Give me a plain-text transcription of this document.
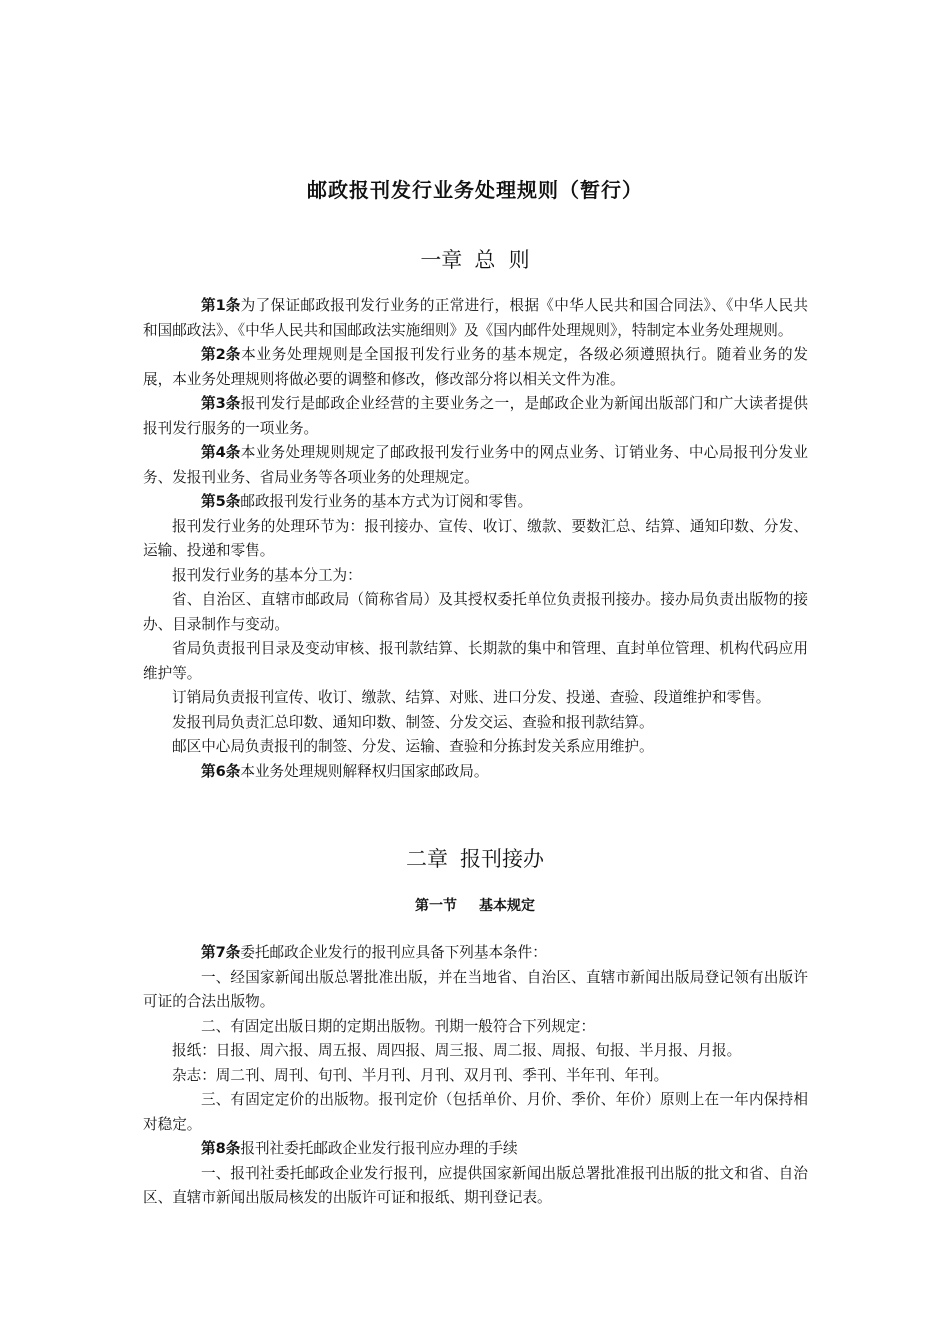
邮政报刊发行业务处理规则（暂行）
一章 总  则

第1条为了保证邮政报刊发行业务的正常进行，根据《中华人民共和国合同法》、《中华人民共和国邮政法》、《中华人民共和国邮政法实施细则》及《国内邮件处理规则》，特制定本业务处理规则。

第2条本业务处理规则是全国报刊发行业务的基本规定，各级必须遵照执行。随着业务的发展，本业务处理规则将做必要的调整和修改，修改部分将以相关文件为准。

第3条报刊发行是邮政企业经营的主要业务之一，是邮政企业为新闻出版部门和广大读者提供报刊发行服务的一项业务。

第4条本业务处理规则规定了邮政报刊发行业务中的网点业务、订销业务、中心局报刊分发业务、发报刊业务、省局业务等各项业务的处理规定。

第5条邮政报刊发行业务的基本方式为订阅和零售。

报刊发行业务的处理环节为：报刊接办、宣传、收订、缴款、要数汇总、结算、通知印数、分发、运输、投递和零售。

报刊发行业务的基本分工为：

省、自治区、直辖市邮政局（简称省局）及其授权委托单位负责报刊接办。接办局负责出版物的接办、目录制作与变动。

省局负责报刊目录及变动审核、报刊款结算、长期款的集中和管理、直封单位管理、机构代码应用维护等。

订销局负责报刊宣传、收订、缴款、结算、对账、进口分发、投递、查验、段道维护和零售。

发报刊局负责汇总印数、通知印数、制签、分发交运、查验和报刊款结算。

邮区中心局负责报刊的制签、分发、运输、查验和分拣封发关系应用维护。

第6条本业务处理规则解释权归国家邮政局。

二章 报刊接办
第一节 基本规定

第7条委托邮政企业发行的报刊应具备下列基本条件：

一、经国家新闻出版总署批准出版，并在当地省、自治区、直辖市新闻出版局登记领有出版许可证的合法出版物。

二、有固定出版日期的定期出版物。刊期一般符合下列规定：

报纸：日报、周六报、周五报、周四报、周三报、周二报、周报、旬报、半月报、月报。

杂志：周二刊、周刊、旬刊、半月刊、月刊、双月刊、季刊、半年刊、年刊。

三、有固定定价的出版物。报刊定价（包括单价、月价、季价、年价）原则上在一年内保持相对稳定。

第8条报刊社委托邮政企业发行报刊应办理的手续

一、报刊社委托邮政企业发行报刊，应提供国家新闻出版总署批准报刊出版的批文和省、自治区、直辖市新闻出版局核发的出版许可证和报纸、期刊登记表。
